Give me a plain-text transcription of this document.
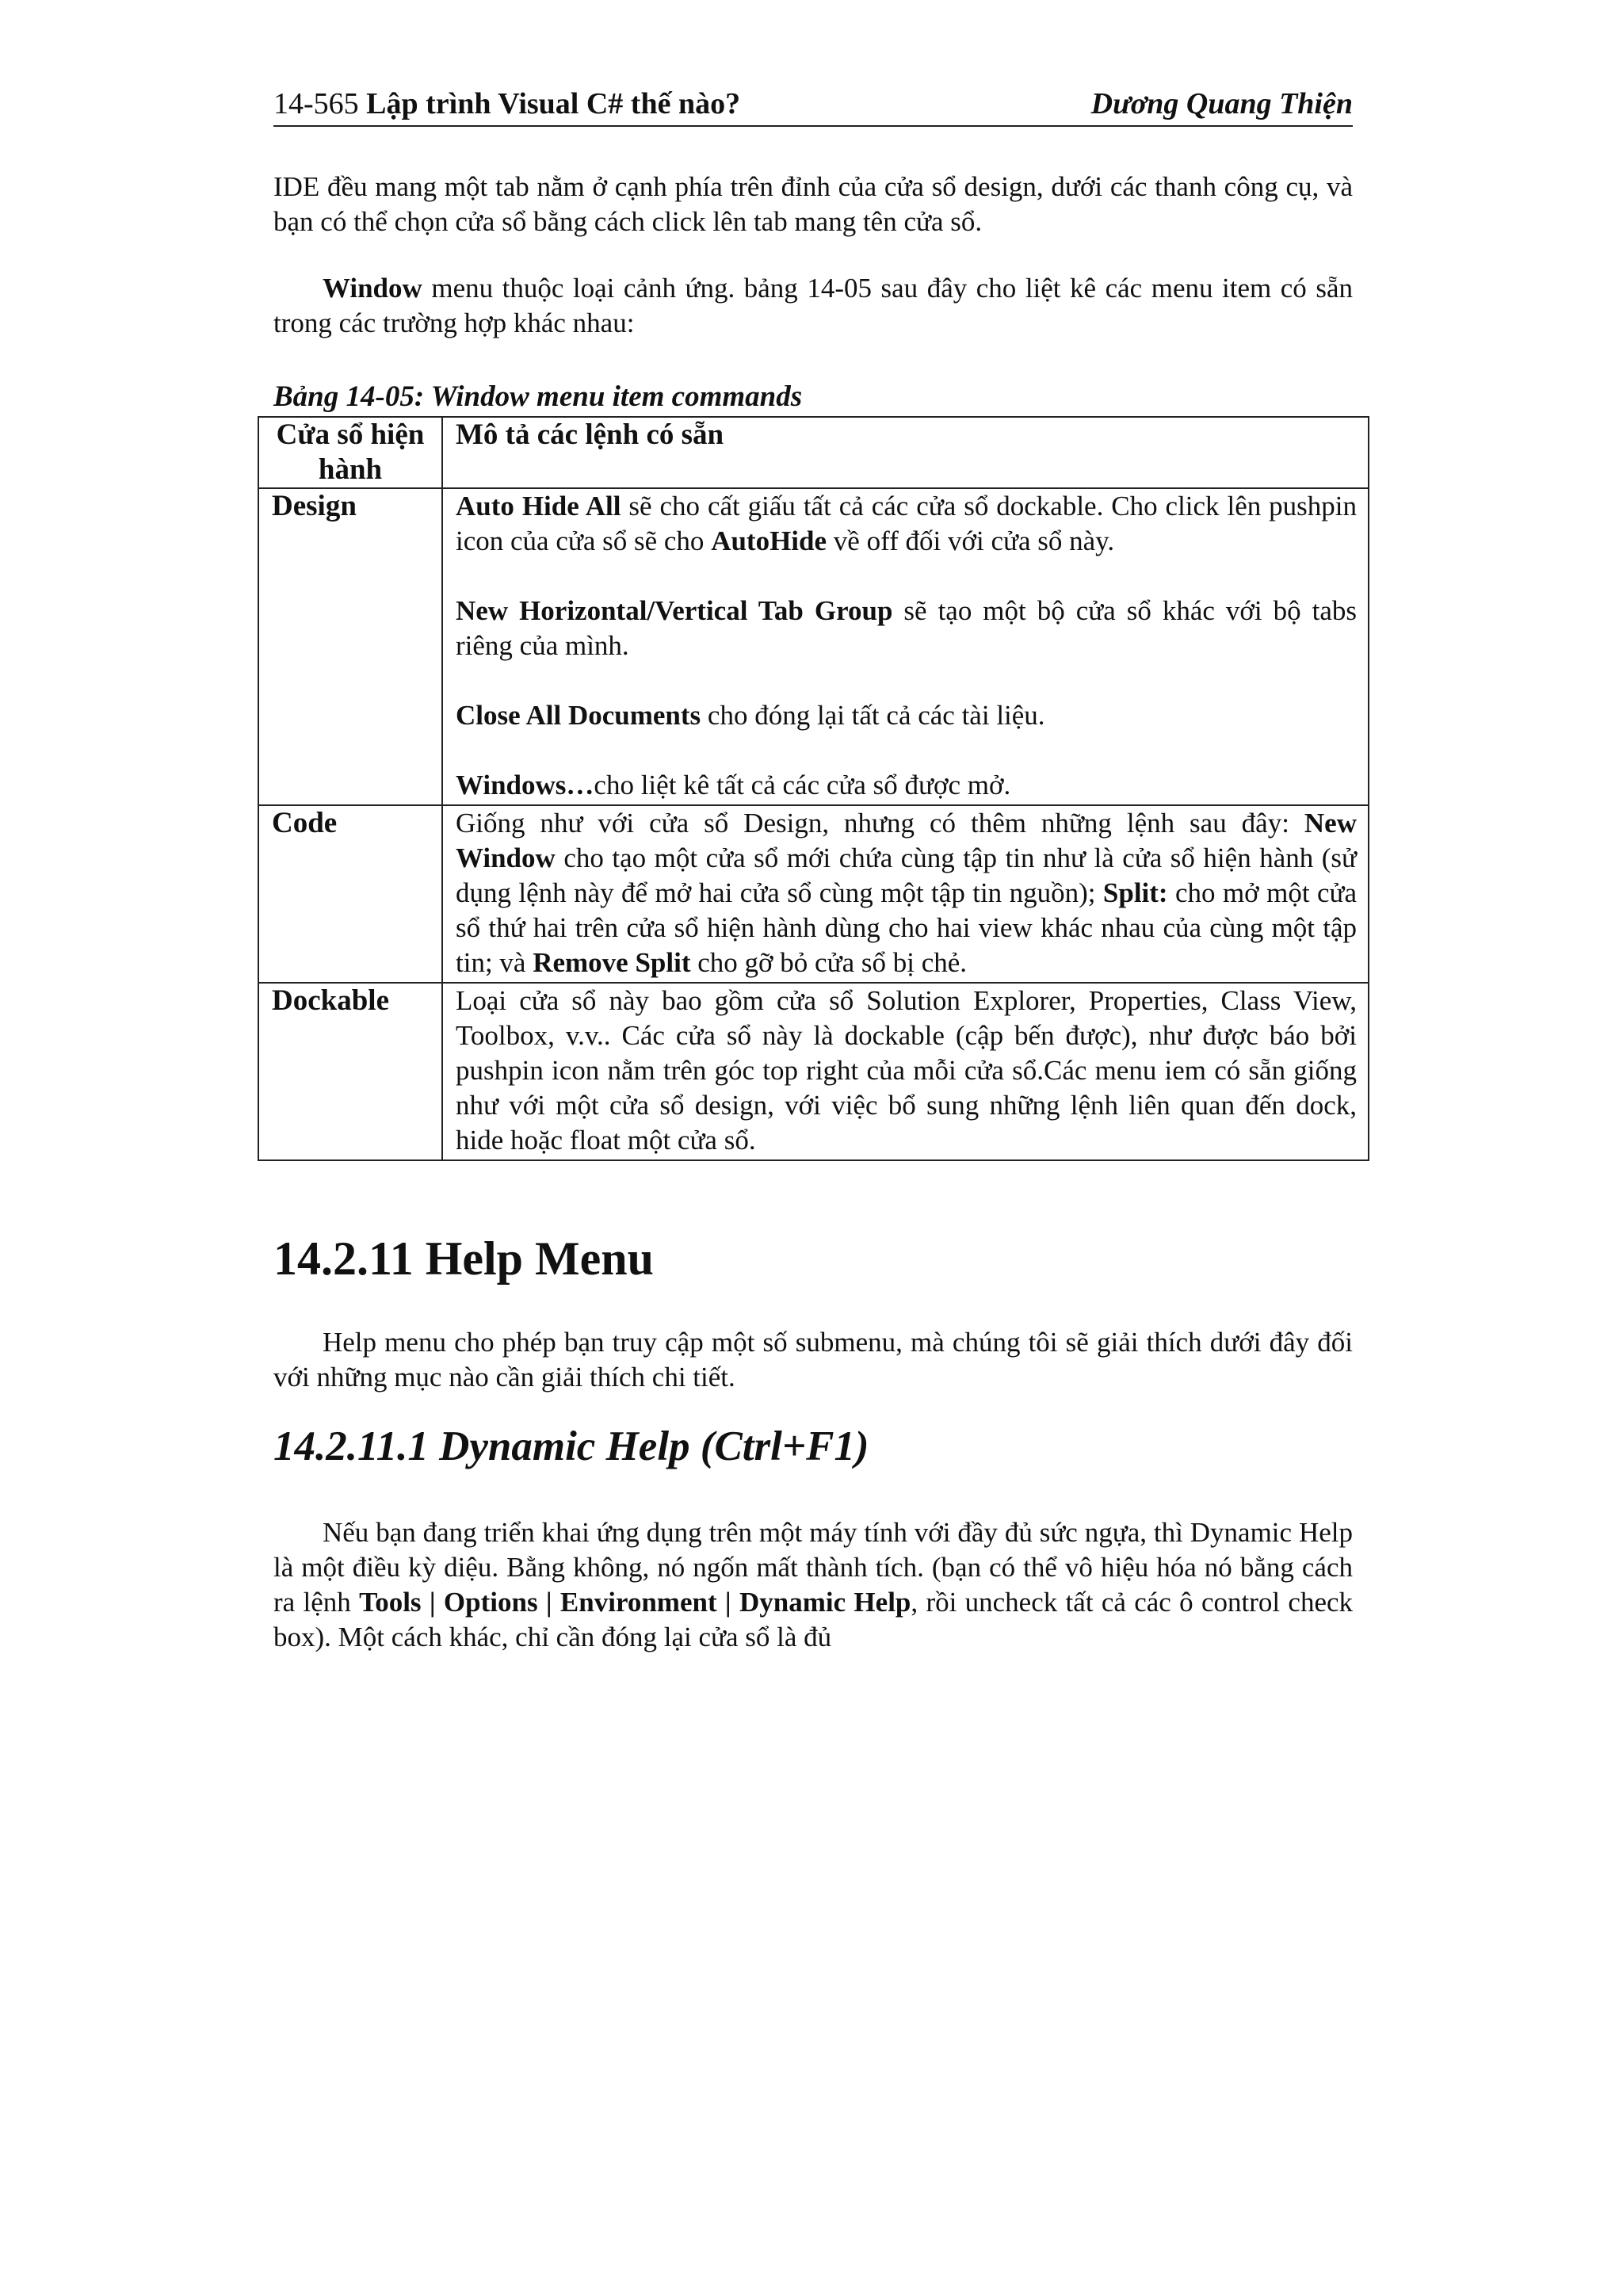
14-565 Lập trình Visual C# thế nào?	Dương Quang Thiện

IDE đều mang một tab nằm ở cạnh phía trên đỉnh của cửa sổ design, dưới các thanh công cụ, và bạn có thể chọn cửa sổ bằng cách click lên tab mang tên cửa sổ.

Window menu thuộc loại cảnh ứng. bảng 14-05 sau đây cho liệt kê các menu item có sẵn trong các trường hợp khác nhau:

Bảng 14-05: Window menu item commands
Cửa sổ hiện hành	Mô tả các lệnh có sẵn
Design	Auto Hide All sẽ cho cất giấu tất cả các cửa sổ dockable. Cho click lên pushpin icon của cửa sổ sẽ cho AutoHide về off đối với cửa sổ này.

New Horizontal/Vertical Tab Group sẽ tạo một bộ cửa sổ khác với bộ tabs riêng của mình.

Close All Documents cho đóng lại tất cả các tài liệu.

Windows…cho liệt kê tất cả các cửa sổ được mở.

Code	Giống như với cửa sổ Design, nhưng có thêm những lệnh sau đây: New Window cho tạo một cửa sổ mới chứa cùng tập tin như là cửa sổ hiện hành (sử dụng lệnh này để mở hai cửa sổ cùng một tập tin nguồn); Split: cho mở một cửa sổ thứ hai trên cửa sổ hiện hành dùng cho hai view khác nhau của cùng một tập tin; và Remove Split cho gỡ bỏ cửa sổ bị chẻ.
Dockable	Loại cửa sổ này bao gồm cửa sổ Solution Explorer, Properties, Class View, Toolbox, v.v.. Các cửa sổ này là dockable (cập bến được), như được báo bởi pushpin icon nằm trên góc top right của mỗi cửa sổ.Các menu iem có sẵn giống như với một cửa sổ design, với việc bổ sung những lệnh liên quan đến dock, hide hoặc float một cửa sổ.
14.2.11 Help Menu

Help menu cho phép bạn truy cập một số submenu, mà chúng tôi sẽ giải thích dưới đây đối với những mục nào cần giải thích chi tiết.

14.2.11.1 Dynamic Help (Ctrl+F1)

Nếu bạn đang triển khai ứng dụng trên một máy tính với đầy đủ sức ngựa, thì Dynamic Help là một điều kỳ diệu. Bằng không, nó ngốn mất thành tích. (bạn có thể vô hiệu hóa nó bằng cách ra lệnh Tools | Options | Environment | Dynamic Help, rồi uncheck tất cả các ô control check box). Một cách khác, chỉ cần đóng lại cửa sổ là đủ
